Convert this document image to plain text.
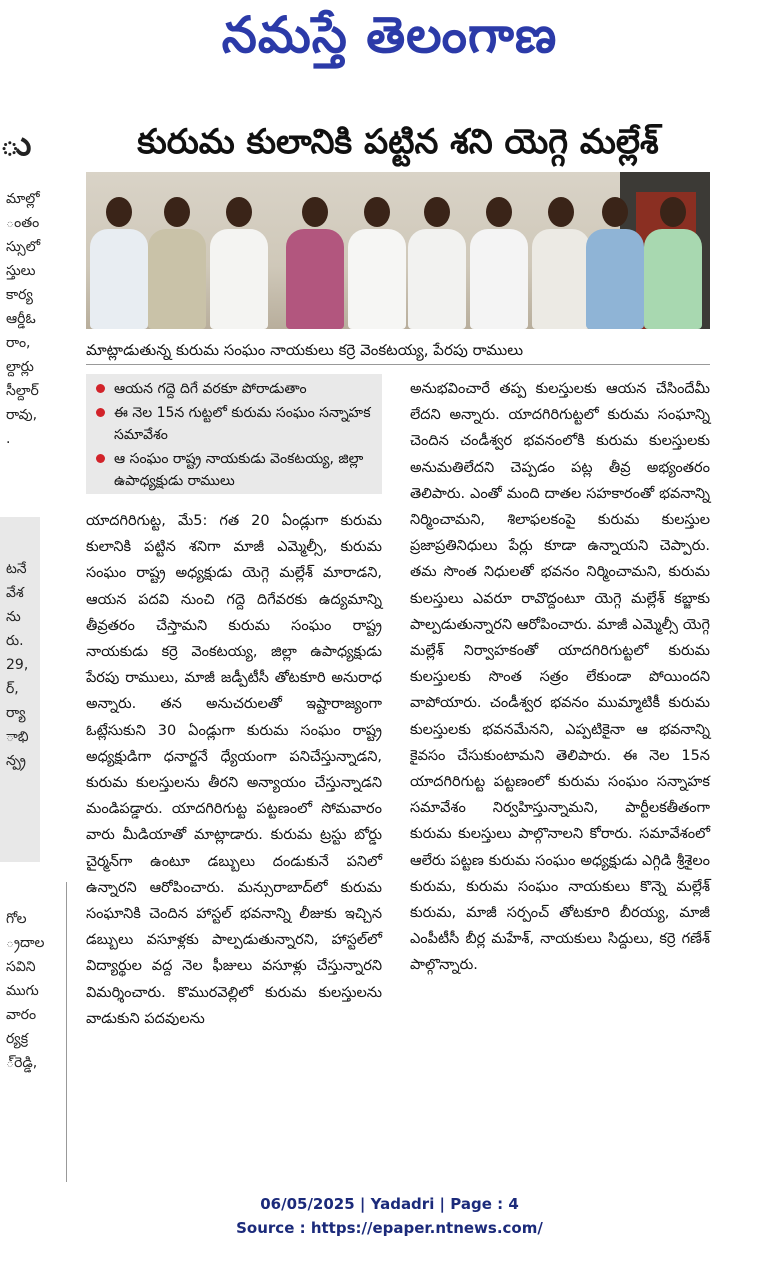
నమస్తే తెలంగాణ
ు
మాల్లో
ంతం
స్సులో
స్తులు
కార్య
ఆర్డీఓ
రాం,
ల్దార్లు
సీల్దార్
రావు,
.
టనే
వేశ
ను
రు.
29,
ర్,
ర్యా
ాభి
న్ప్ర
గోల
్రదాల
సవిని
ముగు
వారం
ర్యక్ర
్‌రెడ్డి,
కురుమ కులానికి పట్టిన శని యెగ్గె మల్లేశ్
మాట్లాడుతున్న కురుమ సంఘం నాయకులు కర్రె వెంకటయ్య, పేరపు రాములు
ఆయన గద్దె దిగే వరకూ పోరాడుతాం
ఈ నెల 15న గుట్టలో కురుమ సంఘం సన్నాహక సమావేశం
ఆ సంఘం రాష్ట్ర నాయకుడు వెంకటయ్య, జిల్లా ఉపాధ్యక్షుడు రాములు
యాదగిరిగుట్ట, మే5: గత 20 ఏండ్లుగా కురుమ కులానికి పట్టిన శనిగా మాజీ ఎమ్మెల్సీ, కురుమ సంఘం రాష్ట్ర అధ్యక్షుడు యెగ్గె మల్లేశ్ మారాడని, ఆయన పదవి నుంచి గద్దె దిగేవరకు ఉద్యమాన్ని తీవ్రతరం చేస్తామని కురుమ సంఘం రాష్ట్ర నాయకుడు కర్రె వెంకటయ్య, జిల్లా ఉపాధ్యక్షుడు పేరపు రాములు, మాజీ జడ్పీటీసీ తోటకూరి అనురాధ అన్నారు. తన అనుచరులతో ఇష్టారాజ్యంగా ఓట్లేసుకుని 30 ఏండ్లుగా కురుమ సంఘం రాష్ట్ర అధ్యక్షుడిగా ధనార్జనే ధ్యేయంగా పనిచేస్తున్నాడని, కురుమ కులస్తులను తీరని అన్యాయం చేస్తున్నాడని మండిపడ్డారు. యాదగిరిగుట్ట పట్టణంలో సోమవారం వారు మీడియాతో మాట్లాడారు. కురుమ ట్రస్టు బోర్డు చైర్మన్‌గా ఉంటూ డబ్బులు దండుకునే పనిలో ఉన్నారని ఆరోపించారు. మన్సురాబాద్‌లో కురుమ సంఘానికి చెందిన హాస్టల్ భవనాన్ని లీజుకు ఇచ్చిన డబ్బులు వసూళ్లకు పాల్పడుతున్నారని, హాస్టల్‌లో విద్యార్థుల వద్ద నెల ఫీజులు వసూళ్లు చేస్తున్నారని విమర్శించారు. కొమురవెల్లిలో కురుమ కులస్తులను వాడుకుని పదవులను
అనుభవించారే తప్ప కులస్తులకు ఆయన చేసిందేమీ లేదని అన్నారు. యాదగిరిగుట్టలో కురుమ సంఘాన్ని చెందిన చండీశ్వర భవనంలోకి కురుమ కులస్తులకు అనుమతిలేదని చెప్పడం పట్ల తీవ్ర అభ్యంతరం తెలిపారు. ఎంతో మంది దాతల సహకారంతో భవనాన్ని నిర్మించామని, శిలాఫలకంపై కురుమ కులస్తుల ప్రజాప్రతినిధులు పేర్లు కూడా ఉన్నాయని చెప్పారు. తమ సొంత నిధులతో భవనం నిర్మించామని, కురుమ కులస్తులు ఎవరూ రావొద్దంటూ యెగ్గె మల్లేశ్ కబ్జాకు పాల్పడుతున్నారని ఆరోపించారు. మాజీ ఎమ్మెల్సీ యెగ్గె మల్లేశ్ నిర్వాహకంతో యాదగిరిగుట్టలో కురుమ కులస్తులకు సొంత సత్రం లేకుండా పోయిందని వాపోయారు. చండీశ్వర భవనం ముమ్మాటికీ కురుమ కులస్తులకు భవనమేనని, ఎప్పటికైనా ఆ భవనాన్ని కైవసం చేసుకుంటామని తెలిపారు. ఈ నెల 15న యాదగిరిగుట్ట పట్టణంలో కురుమ సంఘం సన్నాహక సమావేశం నిర్వహిస్తున్నామని, పార్టీలకతీతంగా కురుమ కులస్తులు పాల్గొనాలని కోరారు. సమావేశంలో ఆలేరు పట్టణ కురుమ సంఘం అధ్యక్షుడు ఎగ్గిడి శ్రీశైలం కురుమ, కురుమ సంఘం నాయకులు కొన్నె మల్లేశ్ కురుమ, మాజీ సర్పంచ్ తోటకూరి బీరయ్య, మాజీ ఎంపీటీసీ బీర్ల మహేశ్, నాయకులు సిద్దులు, కర్రె గణేశ్ పాల్గొన్నారు.
06/05/2025 | Yadadri | Page : 4
Source : https://epaper.ntnews.com/
